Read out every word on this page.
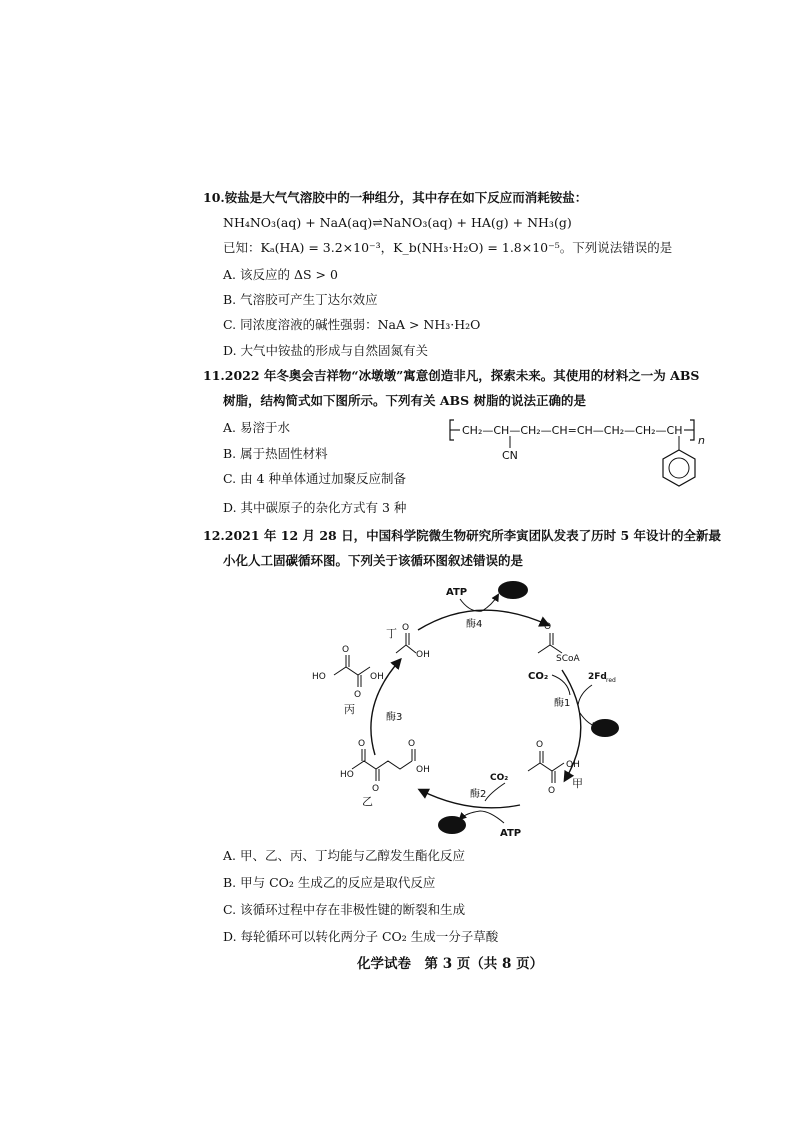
10.铵盐是大气气溶胶中的一种组分，其中存在如下反应而消耗铵盐：
NH₄NO₃(aq) + NaA(aq)⇌NaNO₃(aq) + HA(g) + NH₃(g)
已知：Kₐ(HA) = 3.2×10⁻³，K_b(NH₃·H₂O) = 1.8×10⁻⁵。下列说法错误的是
A. 该反应的 ΔS > 0
B. 气溶胶可产生丁达尔效应
C. 同浓度溶液的碱性强弱：NaA > NH₃·H₂O
D. 大气中铵盐的形成与自然固氮有关
11.2022 年冬奥会吉祥物“冰墩墩”寓意创造非凡，探索未来。其使用的材料之一为 ABS
树脂，结构简式如下图所示。下列有关 ABS 树脂的说法正确的是
A. 易溶于水
B. 属于热固性材料
C. 由 4 种单体通过加聚反应制备
D. 其中碳原子的杂化方式有 3 种
CH₂—CH—CH₂—CH=CH—CH₂—CH₂—CH
n
CN
12.2021 年 12 月 28 日，中国科学院微生物研究所李寅团队发表了历时 5 年设计的全新最
小化人工固碳循环图。下列关于该循环图叙述错误的是
ATP
酶4	O
SCoA
CO₂	2Fd red
酶1
O
O
OH
甲
CO₂
酶2
ATP
O
O
O
OH
HO
乙
O
O
HO	OH
丙
酶3
O
OH
丁
A. 甲、乙、丙、丁均能与乙醇发生酯化反应
B. 甲与 CO₂ 生成乙的反应是取代反应
C. 该循环过程中存在非极性键的断裂和生成
D. 每轮循环可以转化两分子 CO₂ 生成一分子草酸
化学试卷　第 3 页（共 8 页）
